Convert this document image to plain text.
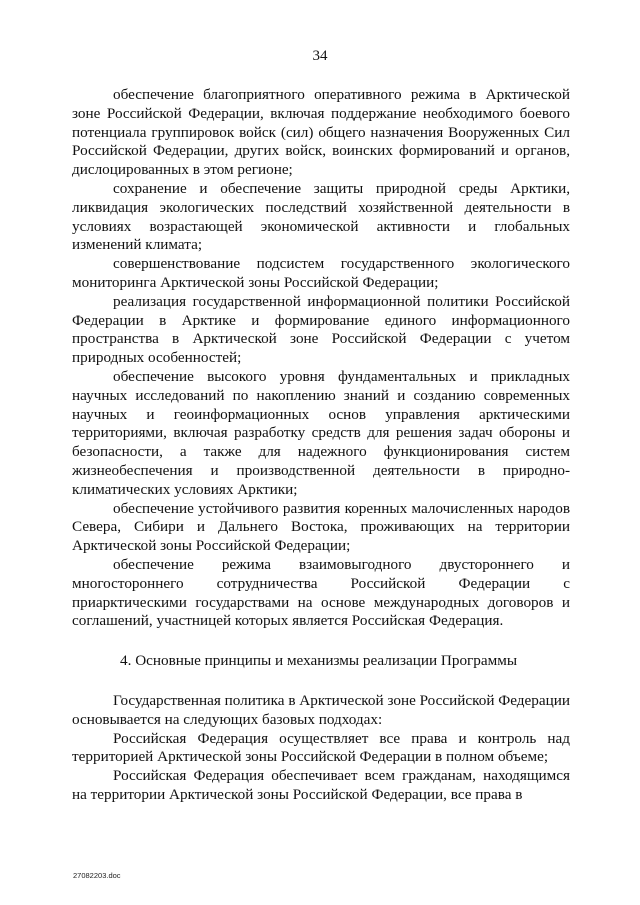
34

обеспечение благоприятного оперативного режима в Арктической зоне Российской Федерации, включая поддержание необходимого боевого потенциала группировок войск (сил) общего назначения Вооруженных Сил Российской Федерации, других войск, воинских формирований и органов, дислоцированных в этом регионе;

сохранение и обеспечение защиты природной среды Арктики, ликвидация экологических последствий хозяйственной деятельности в условиях возрастающей экономической активности и глобальных изменений климата;

совершенствование подсистем государственного экологического мониторинга Арктической зоны Российской Федерации;

реализация государственной информационной политики Российской Федерации в Арктике и формирование единого информационного пространства в Арктической зоне Российской Федерации с учетом природных особенностей;

обеспечение высокого уровня фундаментальных и прикладных научных исследований по накоплению знаний и созданию современных научных и геоинформационных основ управления арктическими территориями, включая разработку средств для решения задач обороны и безопасности, а также для надежного функционирования систем жизнеобеспечения и производственной деятельности в природно-климатических условиях Арктики;

обеспечение устойчивого развития коренных малочисленных народов Севера, Сибири и Дальнего Востока, проживающих на территории Арктической зоны Российской Федерации;

обеспечение режима взаимовыгодного двустороннего и многостороннего сотрудничества Российской Федерации с приарктическими государствами на основе международных договоров и соглашений, участницей которых является Российская Федерация.

4. Основные принципы и механизмы реализации Программы

Государственная политика в Арктической зоне Российской Федерации основывается на следующих базовых подходах:

Российская Федерация осуществляет все права и контроль над территорией Арктической зоны Российской Федерации в полном объеме;

Российская Федерация обеспечивает всем гражданам, находящимся на территории Арктической зоны Российской Федерации, все права в

27082203.doc
